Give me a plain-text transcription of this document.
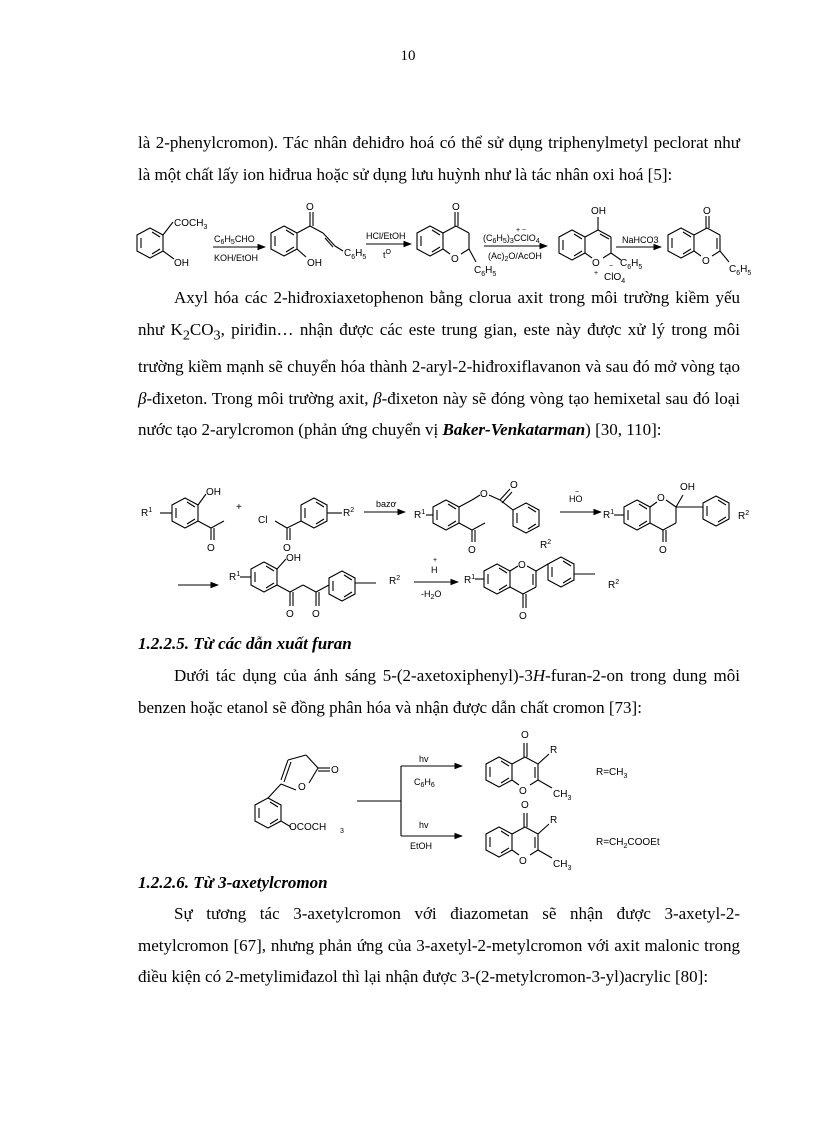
10
là 2-phenylcromon). Tác nhân đehiđro hoá có thể sử dụng triphenylmetyl peclorat như là một chất lấy ion hiđrua hoặc sử dụng lưu huỳnh như là tác nhân oxi hoá [5]:
$COCH_3$
OH
$C_6H_5CHO$
KOH/EtOH
O
$C_6H_5$
OH
HCl/EtOH
$t^O$
O
O
$C_6H_5$
+ −
$(C_6H_5)_3CClO_4$
$(Ac)_2O$/AcOH
O
+
OH
$C_6H_5$
−
ClO$_4$
NaHCO3
O
O
$C_6H_5$
OH
O
$R^1$	+
O
Cl
$R^2$
bazơ
$R^1$
O
O
$R^2$
O
HO
−
$R^1$
O
O
OH
$R^2$
$R^1$
OH
O O
$R^2$
+
H
$-H_2O$
$R^1$
O
O
$R^2$
OCOCH 3
O
O
hv
$C_6H_6$
hv
EtOH
O
O
R
$CH_3$
$R=CH_3$
O
O
R
$CH_3$
$R=CH_2COOEt$
Axyl hóa các 2-hiđroxiaxetophenon bằng clorua axit trong môi trường kiềm yếu như $K_2CO_3$, piriđin… nhận được các este trung gian, este này được xử lý trong môi trường kiềm mạnh sẽ chuyển hóa thành 2-aryl-2-hiđroxiflavanon và sau đó mở vòng tạo β-đixeton. Trong môi trường axit, β-đixeton này sẽ đóng vòng tạo hemixetal sau đó loại nước tạo 2-arylcromon (phản ứng chuyển vị Baker-Venkatarman) [30, 110]:
1.2.2.5. Từ các dẫn xuất furan
Dưới tác dụng của ánh sáng 5-(2-axetoxiphenyl)-3H-furan-2-on trong dung môi benzen hoặc etanol sẽ đồng phân hóa và nhận được dẫn chất cromon [73]:
1.2.2.6. Từ 3-axetylcromon
Sự tương tác 3-axetylcromon với điazometan sẽ nhận được 3-axetyl-2-metylcromon [67], nhưng phản ứng của 3-axetyl-2-metylcromon với axit malonic trong điều kiện có 2-metylimiđazol thì lại nhận được 3-(2-metylcromon-3-yl)acrylic [80]:
